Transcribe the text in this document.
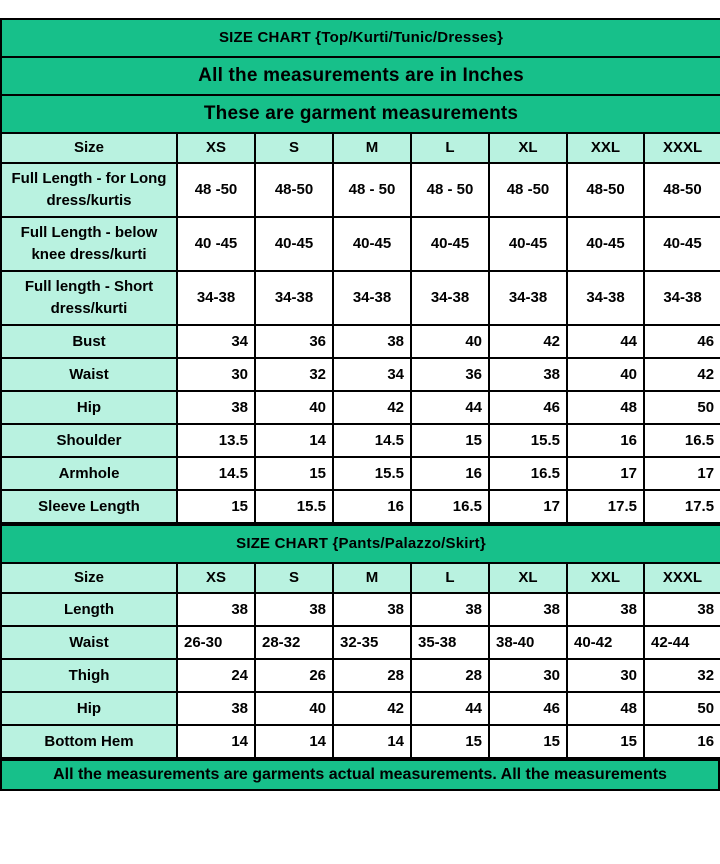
SIZE CHART {Top/Kurti/Tunic/Dresses}							
All the measurements are in Inches							
These are garment measurements							
Size	XS	S	M	L	XL	XXL	XXXL
Full Length - for Long dress/kurtis	48 -50	48-50	48 - 50	48 - 50	48 -50	48-50	48-50
Full Length - below knee dress/kurti	40 -45	40-45	40-45	40-45	40-45	40-45	40-45
Full length - Short dress/kurti	34-38	34-38	34-38	34-38	34-38	34-38	34-38
Bust	34	36	38	40	42	44	46
Waist	30	32	34	36	38	40	42
Hip	38	40	42	44	46	48	50
Shoulder	13.5	14	14.5	15	15.5	16	16.5
Armhole	14.5	15	15.5	16	16.5	17	17
Sleeve Length	15	15.5	16	16.5	17	17.5	17.5
SIZE CHART {Pants/Palazzo/Skirt}							
Size	XS	S	M	L	XL	XXL	XXXL
Length	38	38	38	38	38	38	38
Waist	26-30	28-32	32-35	35-38	38-40	40-42	42-44
Thigh	24	26	28	28	30	30	32
Hip	38	40	42	44	46	48	50
Bottom Hem	14	14	14	15	15	15	16
All the measurements are garments actual measurements. All the measurements
